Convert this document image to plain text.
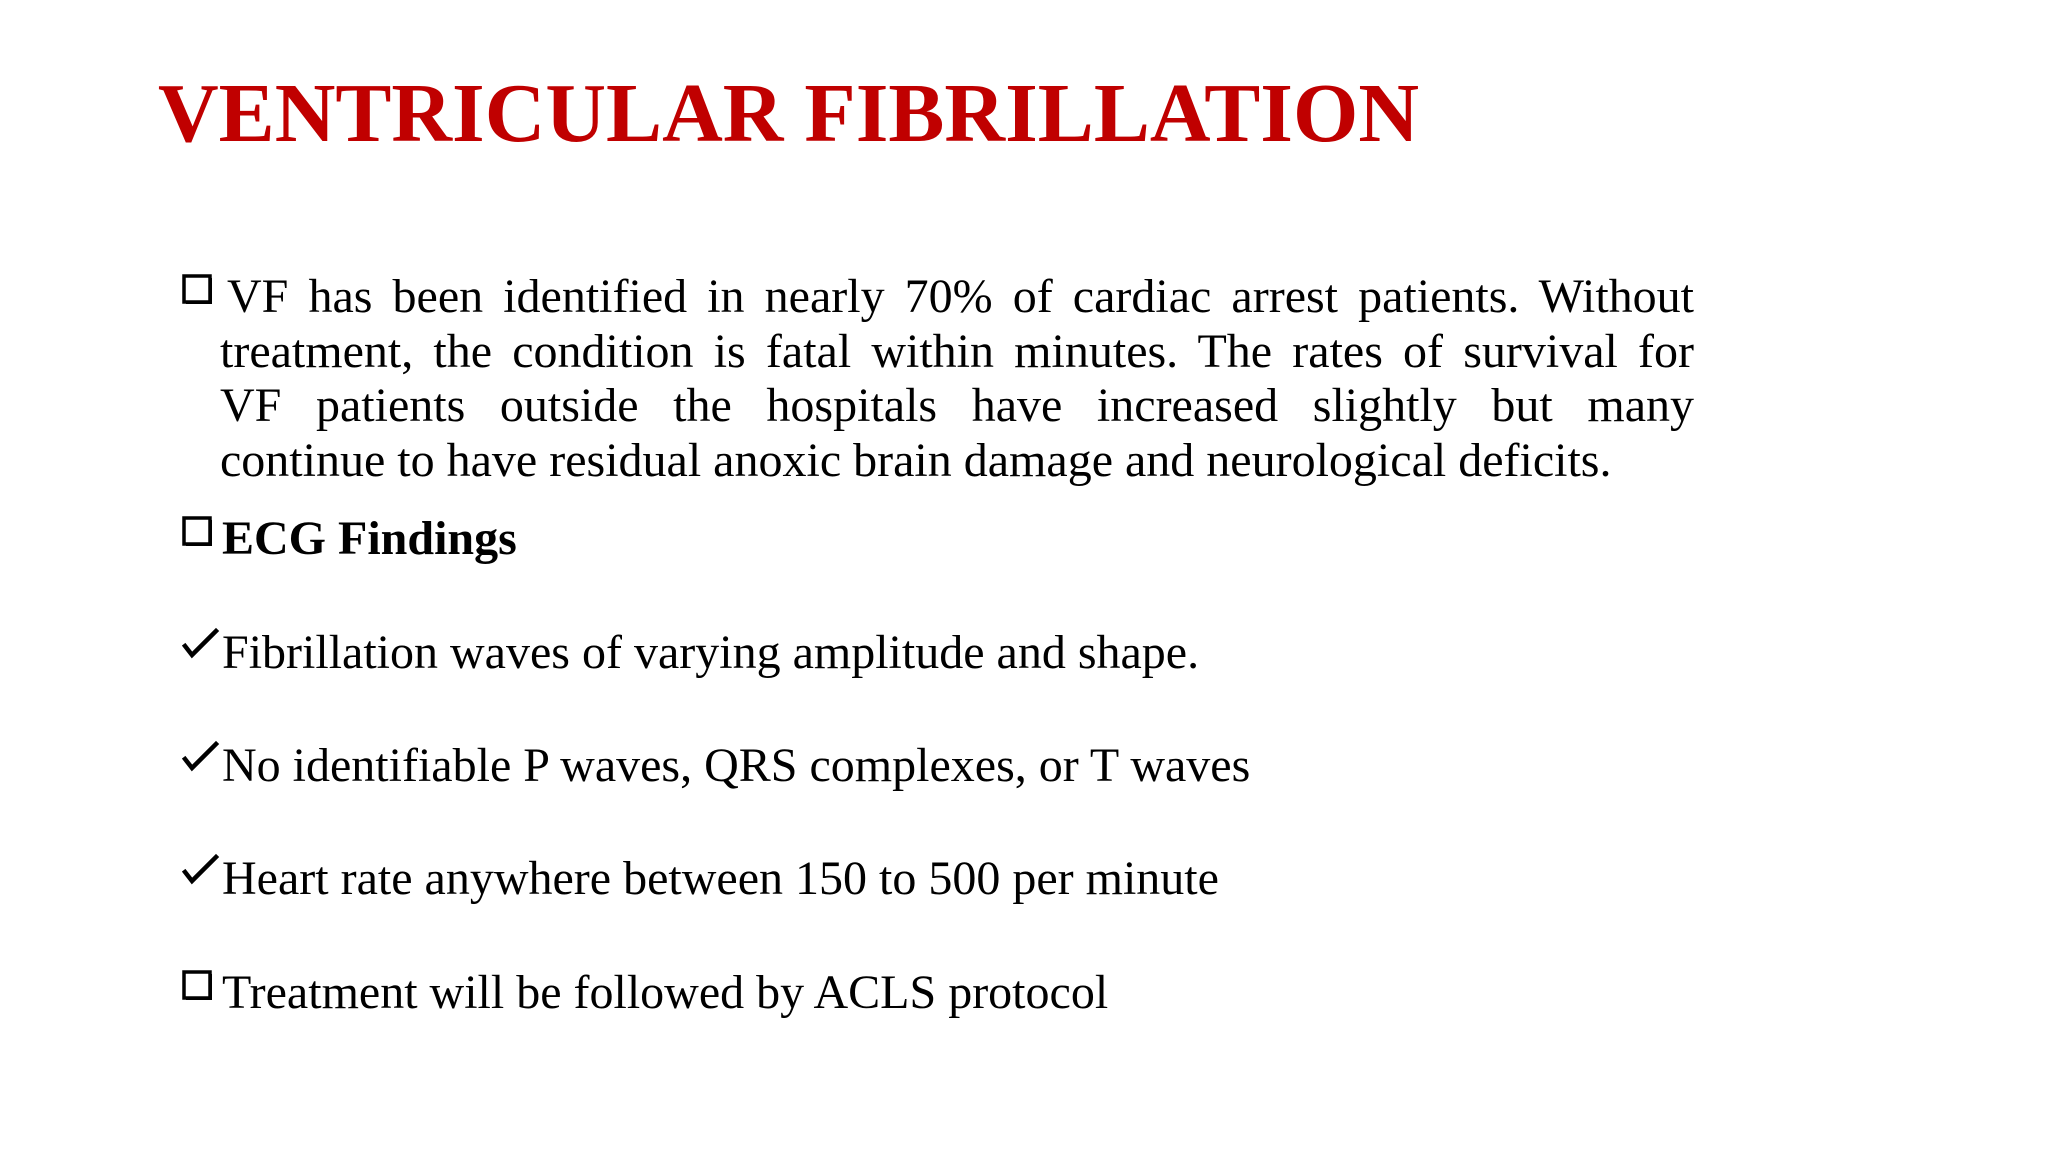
VENTRICULAR FIBRILLATION
VF has been identified in nearly 70% of cardiac arrest patients. Without
treatment, the condition is fatal within minutes. The rates of survival for
VF patients outside the hospitals have increased slightly but many
continue to have residual anoxic brain damage and neurological deficits.
ECG Findings
Fibrillation waves of varying amplitude and shape.
No identifiable P waves, QRS complexes, or T waves
Heart rate anywhere between 150 to 500 per minute
Treatment will be followed by ACLS protocol
